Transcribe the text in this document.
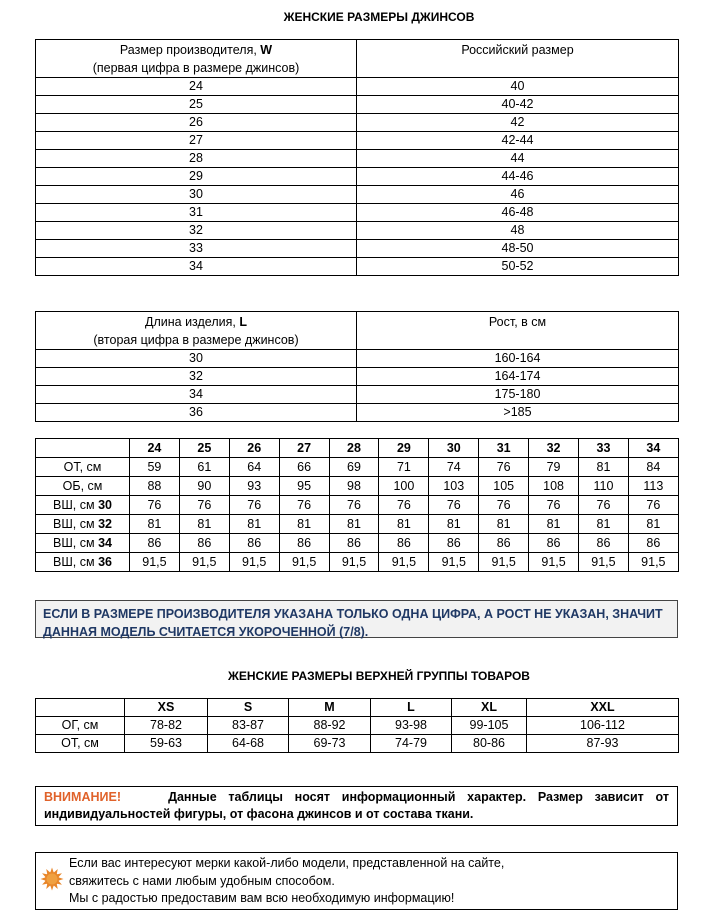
ЖЕНСКИЕ РАЗМЕРЫ ДЖИНСОВ
Размер производителя, W
(первая цифра в размере джинсов)	Российский размер
24	40
25	40-42
26	42
27	42-44
28	44
29	44-46
30	46
31	46-48
32	48
33	48-50
34	50-52
Длина изделия, L
(вторая цифра в размере джинсов)	Рост, в см
30	160-164
32	164-174
34	175-180
36	>185
	24	25	26	27	28	29	30	31	32	33	34
ОТ, см	59	61	64	66	69	71	74	76	79	81	84
ОБ, см	88	90	93	95	98	100	103	105	108	110	113
ВШ, см 30	76	76	76	76	76	76	76	76	76	76	76
ВШ, см 32	81	81	81	81	81	81	81	81	81	81	81
ВШ, см 34	86	86	86	86	86	86	86	86	86	86	86
ВШ, см 36	91,5	91,5	91,5	91,5	91,5	91,5	91,5	91,5	91,5	91,5	91,5
ЕСЛИ В РАЗМЕРЕ ПРОИЗВОДИТЕЛЯ УКАЗАНА ТОЛЬКО ОДНА ЦИФРА, А РОСТ НЕ УКАЗАН, ЗНАЧИТ ДАННАЯ МОДЕЛЬ СЧИТАЕТСЯ УКОРОЧЕННОЙ (7/8).
ЖЕНСКИЕ РАЗМЕРЫ ВЕРХНЕЙ ГРУППЫ ТОВАРОВ
	XS	S	M	L	XL	XXL
ОГ, см	78-82	83-87	88-92	93-98	99-105	106-112
ОТ, см	59-63	64-68	69-73	74-79	80-86	87-93
ВНИМАНИЕ!	Данные таблицы носят информационный характер. Размер зависит от индивидуальностей фигуры, от фасона джинсов и от состава ткани.
Если вас интересуют мерки какой-либо модели, представленной на сайте,
свяжитесь с нами любым удобным способом.
Мы с радостью предоставим вам всю необходимую информацию!
